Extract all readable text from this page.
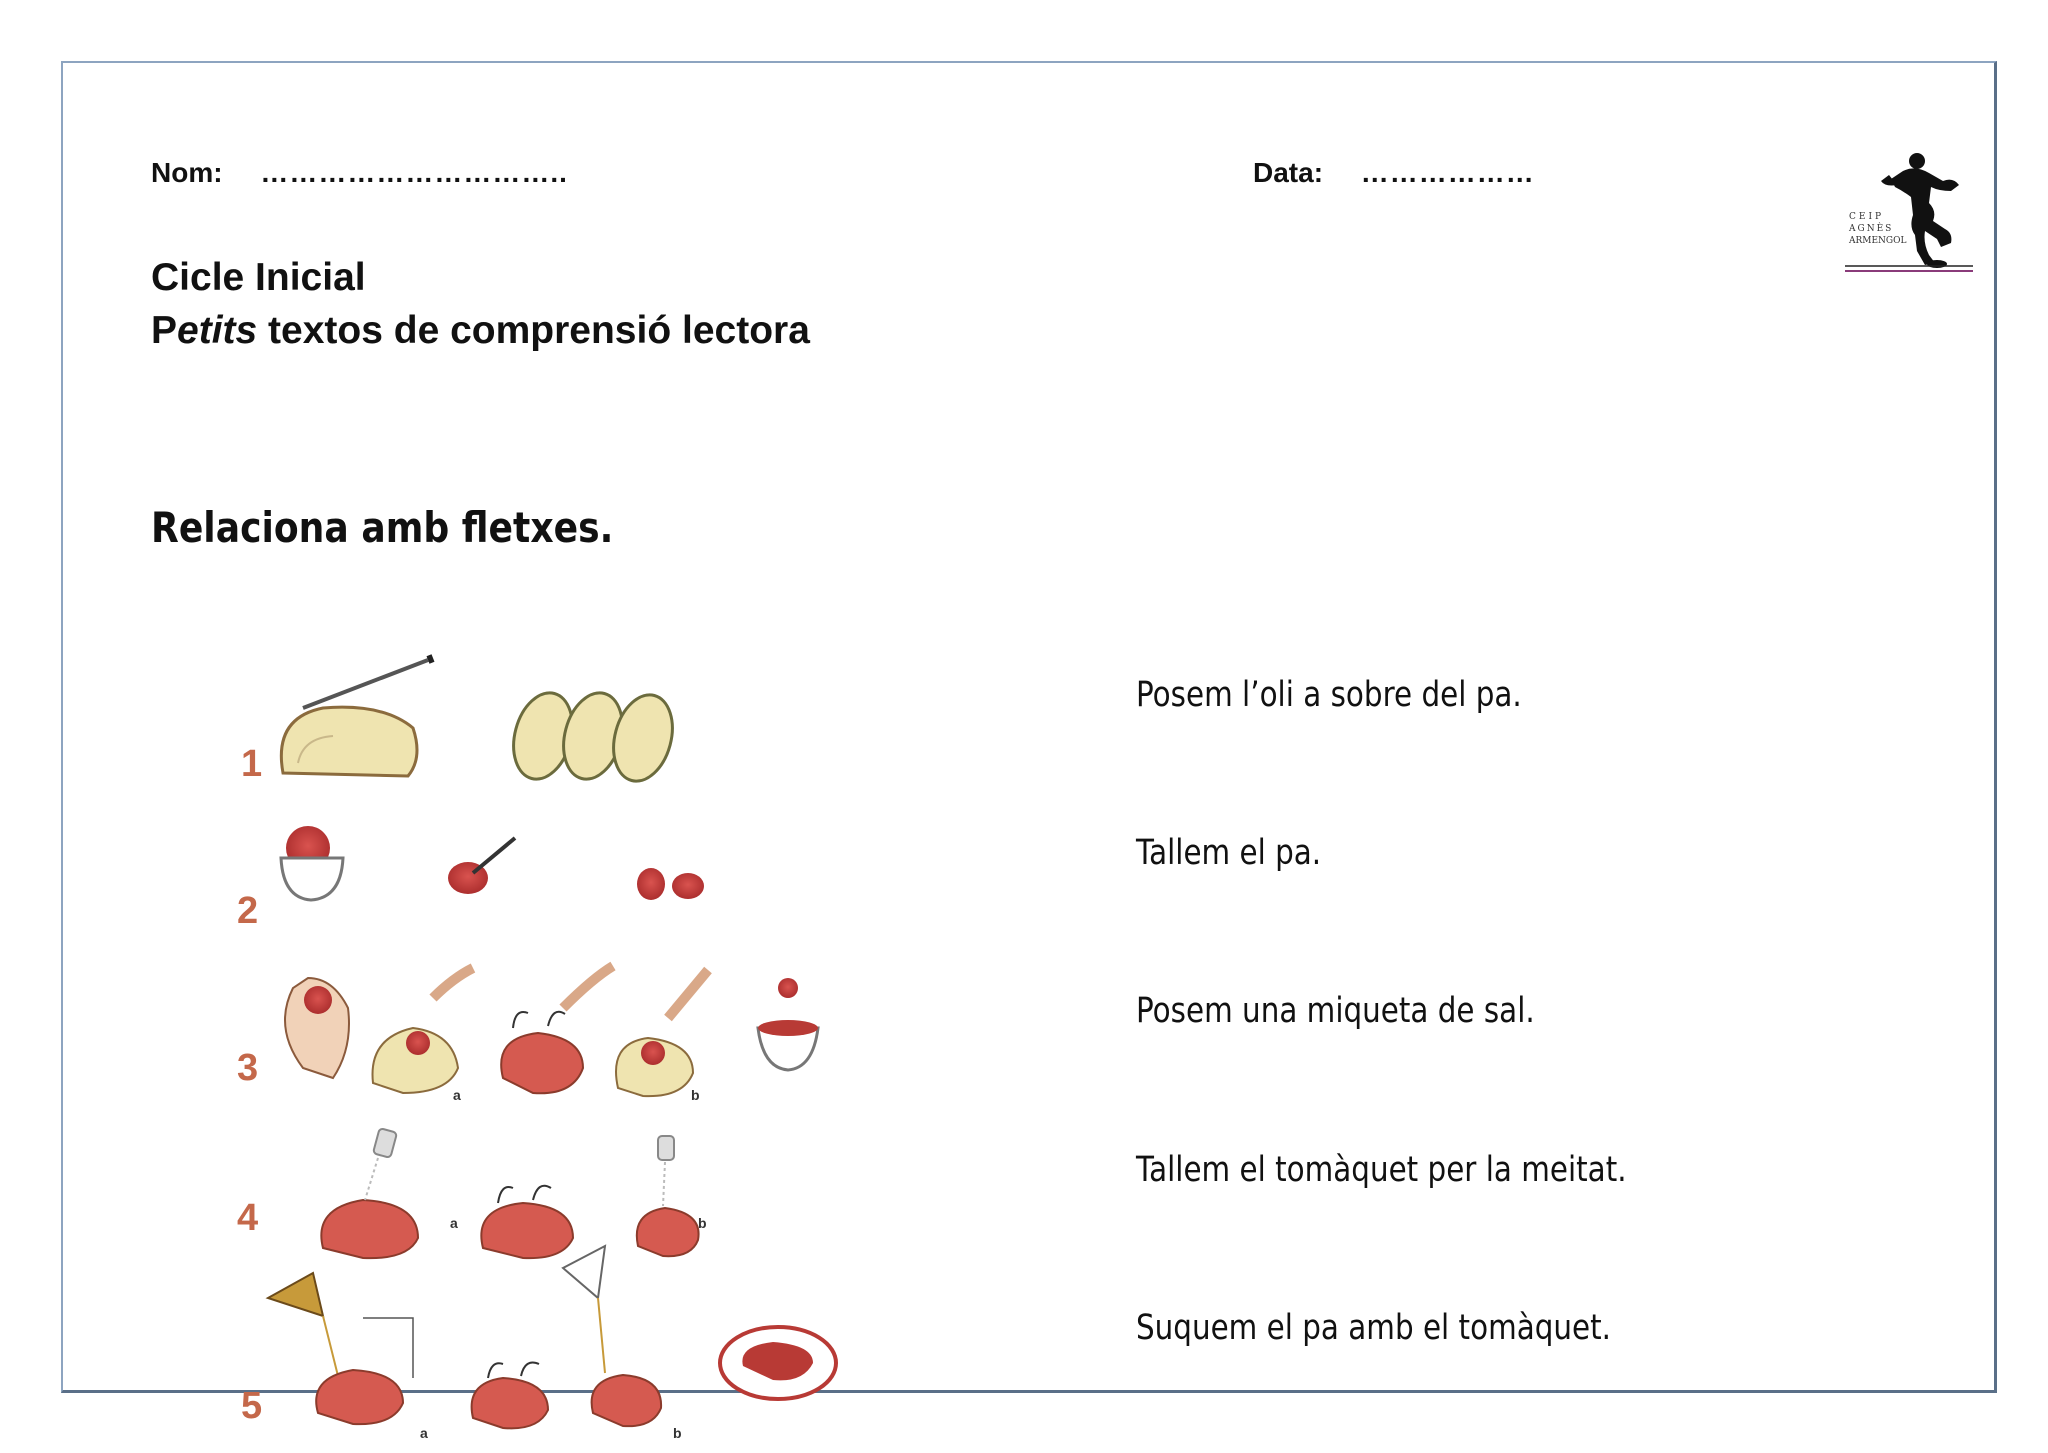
Nom: …………………………..	Data: ………………
Cicle Inicial
Petits textos de comprensió lectora
Relaciona amb fletxes.
CEIP
AGNÈS
ARMENGOL
1
2
3
4
5
a	b
a	b
a	b
Posem l’oli a sobre del pa.
Tallem el pa.
Posem una miqueta de sal.
Tallem el tomàquet per la meitat.
Suquem el pa amb el tomàquet.
